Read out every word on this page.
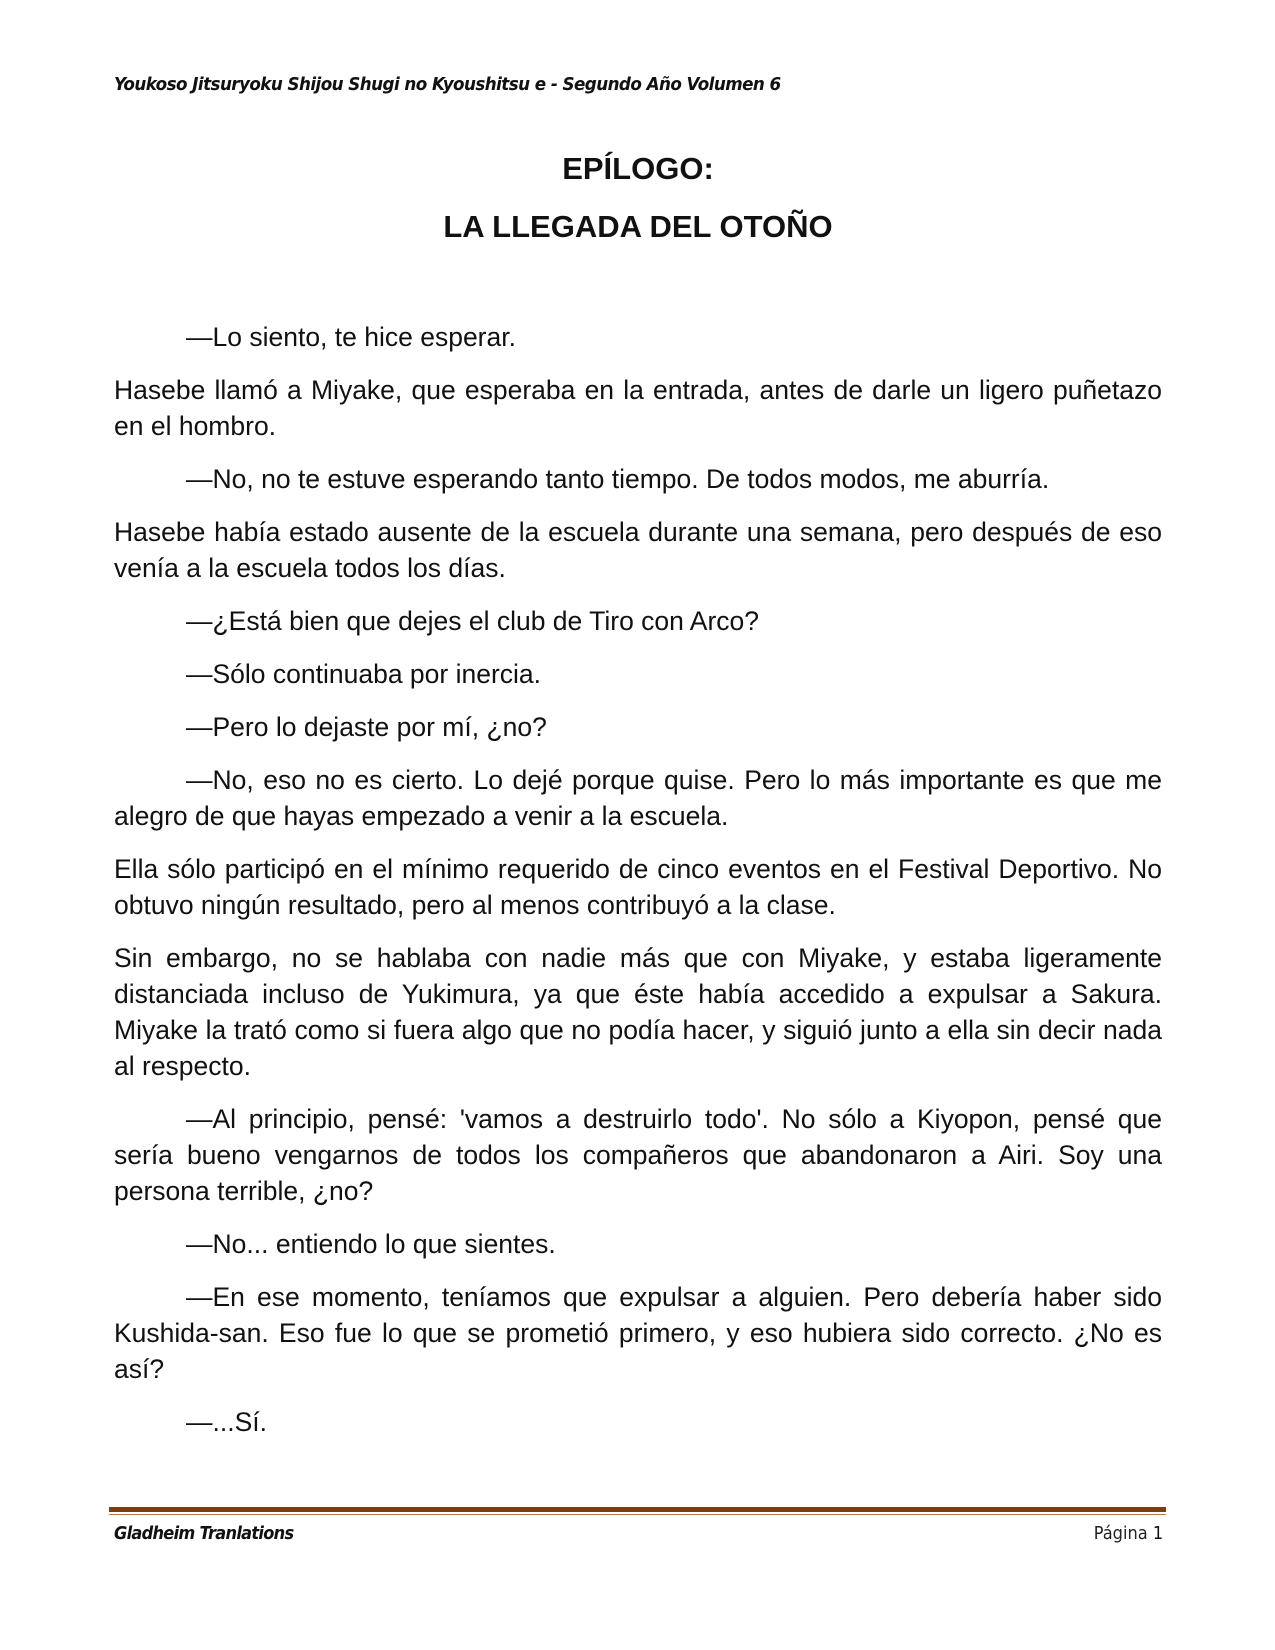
Youkoso Jitsuryoku Shijou Shugi no Kyoushitsu e - Segundo Año Volumen 6
EPÍLOGO:
LA LLEGADA DEL OTOÑO

—Lo siento, te hice esperar.

Hasebe llamó a Miyake, que esperaba en la entrada, antes de darle un ligero puñetazo en el hombro.

—No, no te estuve esperando tanto tiempo. De todos modos, me aburría.

Hasebe había estado ausente de la escuela durante una semana, pero después de eso venía a la escuela todos los días.

—¿Está bien que dejes el club de Tiro con Arco?

—Sólo continuaba por inercia.

—Pero lo dejaste por mí, ¿no?

—No, eso no es cierto. Lo dejé porque quise. Pero lo más importante es que me alegro de que hayas empezado a venir a la escuela.

Ella sólo participó en el mínimo requerido de cinco eventos en el Festival Deportivo. No obtuvo ningún resultado, pero al menos contribuyó a la clase.

Sin embargo, no se hablaba con nadie más que con Miyake, y estaba ligeramente distanciada incluso de Yukimura, ya que éste había accedido a expulsar a Sakura. Miyake la trató como si fuera algo que no podía hacer, y siguió junto a ella sin decir nada al respecto.

—Al principio, pensé: 'vamos a destruirlo todo'. No sólo a Kiyopon, pensé que sería bueno vengarnos de todos los compañeros que abandonaron a Airi. Soy una persona terrible, ¿no?

—No... entiendo lo que sientes.

—En ese momento, teníamos que expulsar a alguien. Pero debería haber sido Kushida-san. Eso fue lo que se prometió primero, y eso hubiera sido correcto. ¿No es así?

—...Sí.

Gladheim Tranlations	Página 1
